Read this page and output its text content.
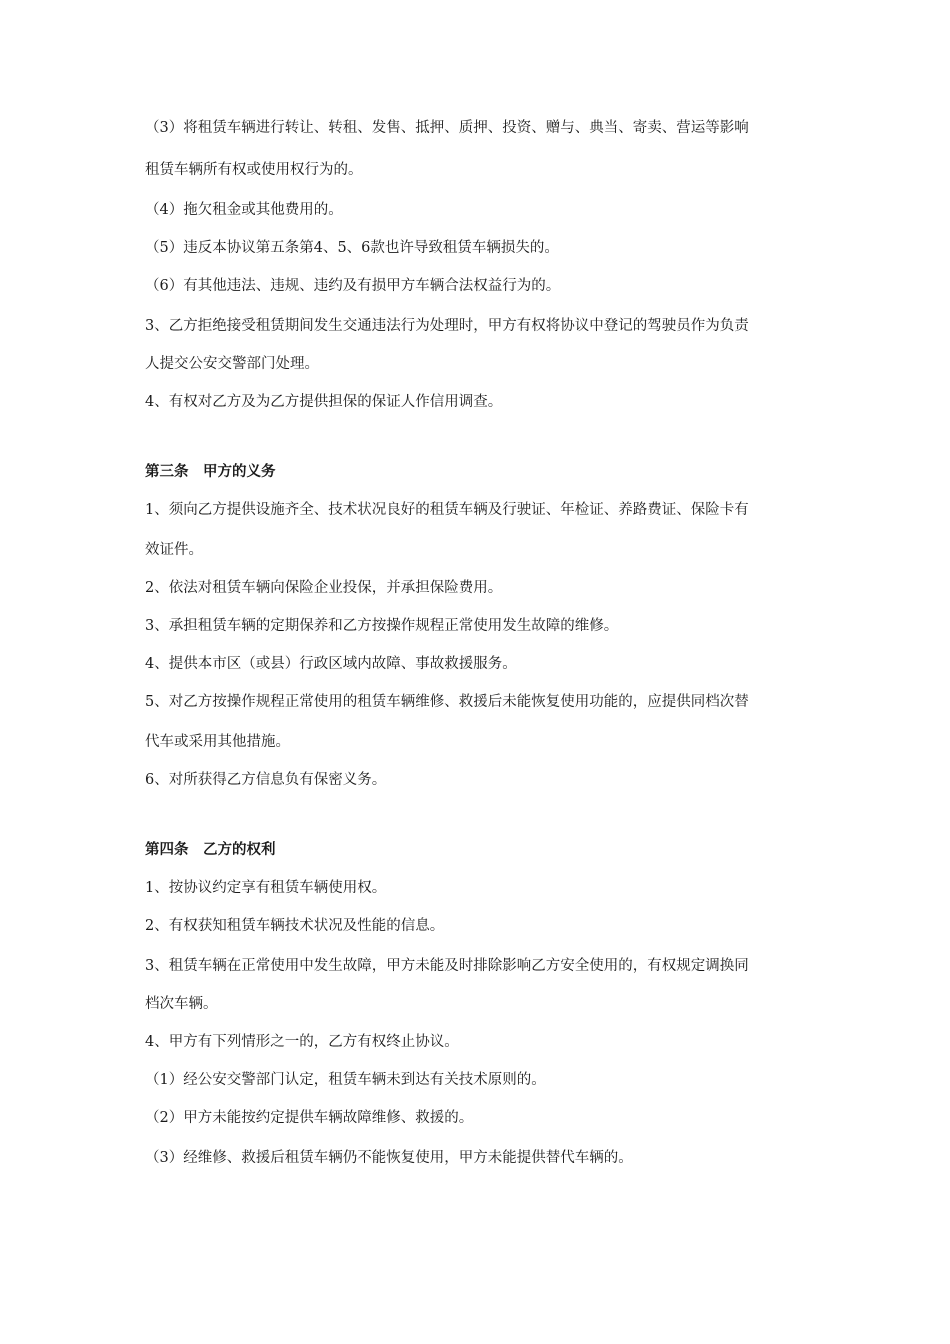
（3）将租赁车辆进行转让、转租、发售、抵押、质押、投资、赠与、典当、寄卖、营运等影响
租赁车辆所有权或使用权行为的。
（4）拖欠租金或其他费用的。
（5）违反本协议第五条第4、5、6款也许导致租赁车辆损失的。
（6）有其他违法、违规、违约及有损甲方车辆合法权益行为的。
3、乙方拒绝接受租赁期间发生交通违法行为处理时，甲方有权将协议中登记的驾驶员作为负责
人提交公安交警部门处理。
4、有权对乙方及为乙方提供担保的保证人作信用调查。
第三条　甲方的义务
1、须向乙方提供设施齐全、技术状况良好的租赁车辆及行驶证、年检证、养路费证、保险卡有
效证件。
2、依法对租赁车辆向保险企业投保，并承担保险费用。
3、承担租赁车辆的定期保养和乙方按操作规程正常使用发生故障的维修。
4、提供本市区（或县）行政区域内故障、事故救援服务。
5、对乙方按操作规程正常使用的租赁车辆维修、救援后未能恢复使用功能的，应提供同档次替
代车或采用其他措施。
6、对所获得乙方信息负有保密义务。
第四条　乙方的权利
1、按协议约定享有租赁车辆使用权。
2、有权获知租赁车辆技术状况及性能的信息。
3、租赁车辆在正常使用中发生故障，甲方未能及时排除影响乙方安全使用的，有权规定调换同
档次车辆。
4、甲方有下列情形之一的，乙方有权终止协议。
（1）经公安交警部门认定，租赁车辆未到达有关技术原则的。
（2）甲方未能按约定提供车辆故障维修、救援的。
（3）经维修、救援后租赁车辆仍不能恢复使用，甲方未能提供替代车辆的。
